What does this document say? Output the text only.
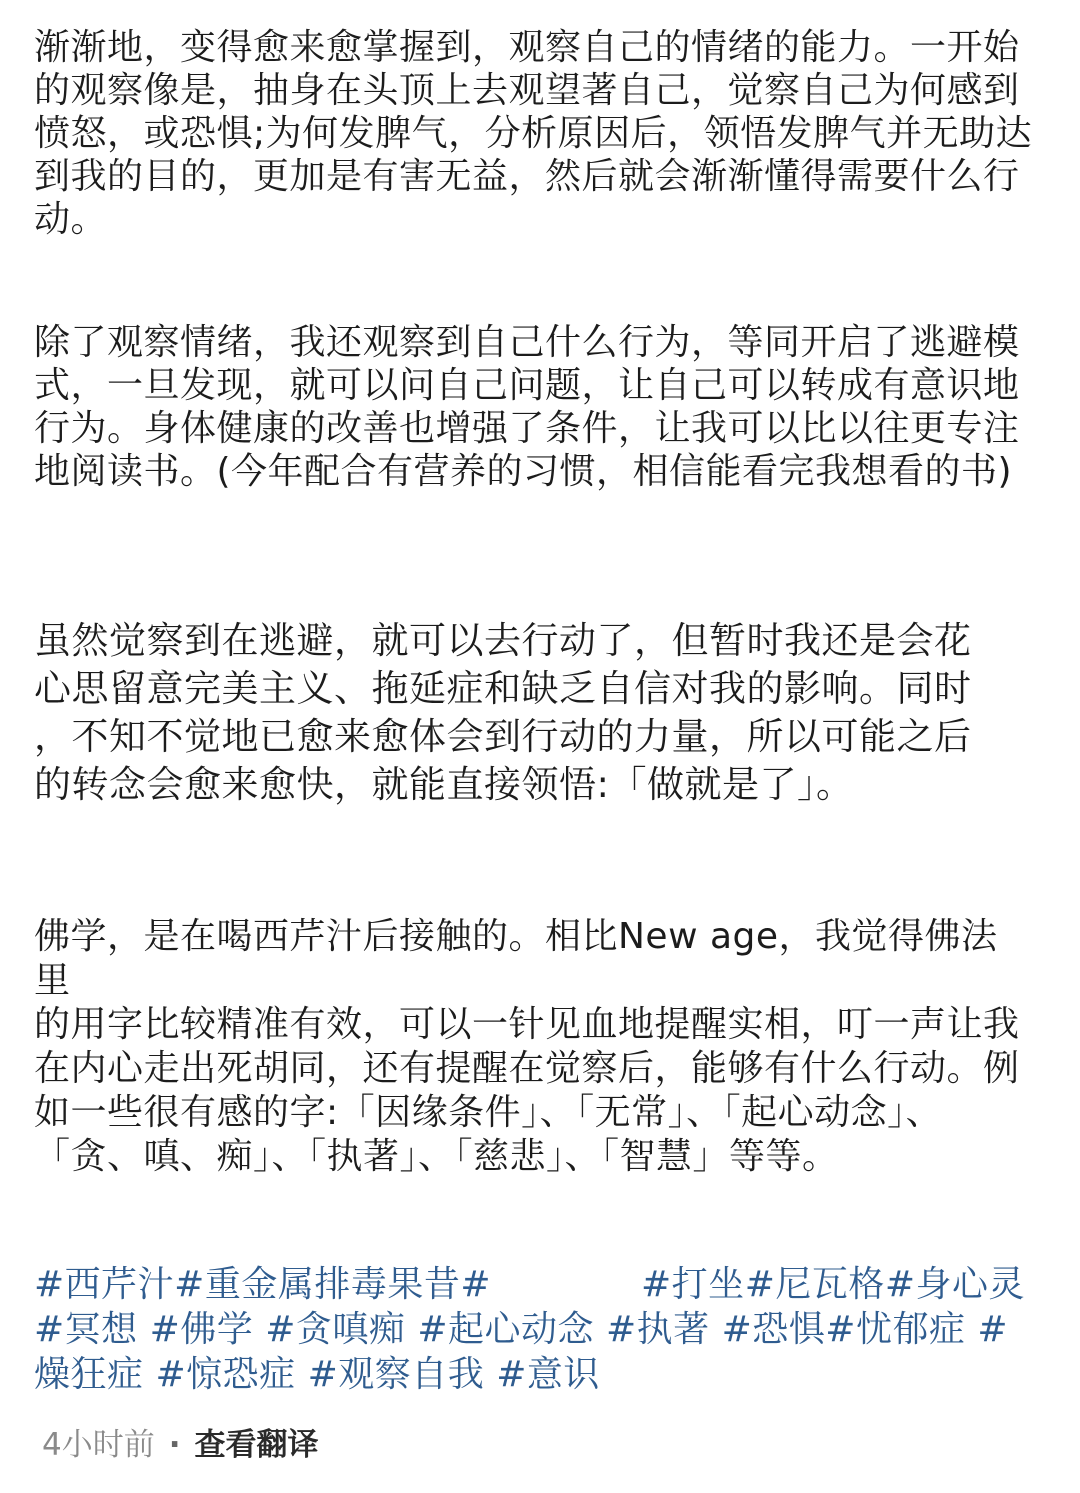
渐渐地，变得愈来愈掌握到，观察自己的情绪的能力。一开始
的观察像是，抽身在头顶上去观望著自己，觉察自己为何感到
愤怒，或恐惧;为何发脾气，分析原因后，领悟发脾气并无助达
到我的目的，更加是有害无益，然后就会渐渐懂得需要什么行
动。

除了观察情绪，我还观察到自己什么行为，等同开启了逃避模
式，一旦发现，就可以问自己问题，让自己可以转成有意识地
行为。身体健康的改善也增强了条件，让我可以比以往更专注
地阅读书。(今年配合有营养的习惯，相信能看完我想看的书)

虽然觉察到在逃避，就可以去行动了，但暂时我还是会花
心思留意完美主义、拖延症和缺乏自信对我的影响。同时
，不知不觉地已愈来愈体会到行动的力量，所以可能之后
的转念会愈来愈快，就能直接领悟:「做就是了」。

佛学，是在喝西芹汁后接触的。相比New age，我觉得佛法里
的用字比较精准有效，可以一针见血地提醒实相，叮一声让我
在内心走出死胡同，还有提醒在觉察后，能够有什么行动。例
如一些很有感的字:「因缘条件」、「无常」、「起心动念」、
「贪、嗔、痴」、「执著」、「慈悲」、「智慧」等等。

#西芹汁#重金属排毒果昔#	#打坐#尼瓦格#身心灵 #冥想 #佛学 #贪嗔痴 #起心动念 #执著 #恐惧#忧郁症 #燥狂症 #惊恐症 #观察自我 #意识
4小时前 · 查看翻译
